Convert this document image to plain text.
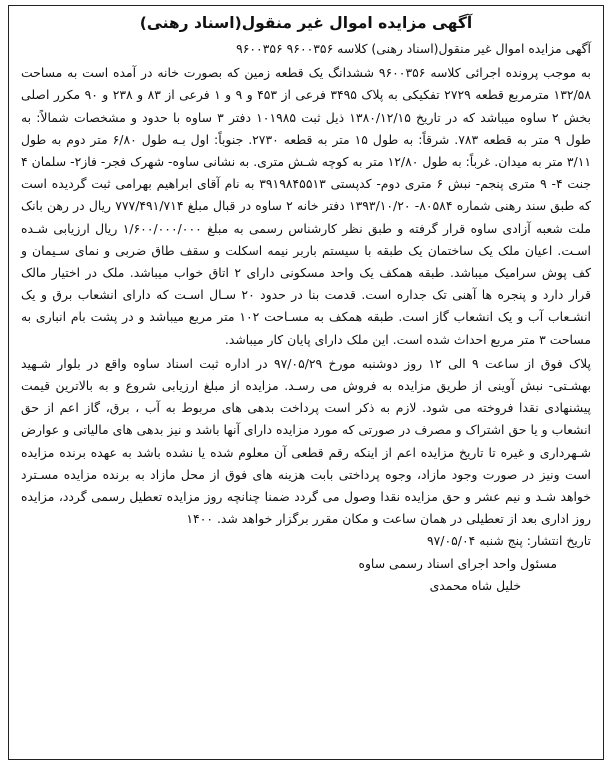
آگهی مزایده اموال غیر منقول(اسناد رهنی)

آگهی مزایده اموال غیر منقول(اسناد رهنی) کلاسه ۹۶۰۰۳۵۶ ۹۶۰۰۳۵۶

به موجب پرونده اجرائی کلاسه ۹۶۰۰۳۵۶ ششدانگ یک قطعه زمین که بصورت خانه در آمده است به مساحت ۱۳۲/۵۸ مترمربع قطعه ۲۷۲۹ تفکیکی به پلاک ۳۴۹۵ فرعی از ۴۵۳ و ۹ و ۱ فرعی از ۸۳ و ۲۳۸ و ۹۰ مکرر اصلی بخش ۲ ساوه میباشد که در تاریخ ۱۳۸۰/۱۲/۱۵ ذیل ثبت ۱۰۱۹۸۵ دفتر ۳ ساوه با حدود و مشخصات شمالاً: به طول ۹ متر به قطعه ۷۸۳. شرقاً: به طول ۱۵ متر به قطعه ۲۷۳۰. جنوباً: اول بـه طول ۶/۸۰ متر دوم به طول ۳/۱۱ متر به میدان. غرباً: به طول ۱۲/۸۰ متر به کوچه شـش متری. به نشانی ساوه- شهرک فجر- فاز۲- سلمان ۴ جنت ۴- ۹ متری پنجم- نبش ۶ متری دوم- کدپستی ۳۹۱۹۸۴۵۵۱۳ به نام آقای ابراهیم بهرامی ثبت گردیده است که طبق سند رهنی شماره ۸۰۵۸۴- ۱۳۹۳/۱۰/۲۰ دفتر خانه ۲ ساوه در قبال مبلغ ۷۷۷/۴۹۱/۷۱۴ ریال در رهن بانک ملت شعبه آزادی ساوه قرار گرفته و طبق نظر کارشناس رسمی به مبلغ ۱/۶۰۰/۰۰۰/۰۰۰ ریال ارزیابی شـده اسـت. اعیان ملک یک ساختمان یک طبقه با سیستم باربر نیمه اسکلت و سقف طاق ضربی و نمای سـیمان و کف پوش سرامیک میباشد. طبقه همکف یک واحد مسکونی دارای ۲ اتاق خواب میباشد. ملک در اختیار مالک قرار دارد و پنجره ها آهنی تک جداره است. قدمت بنا در حدود ۲۰ سـال اسـت که دارای انشعاب برق و یک انشـعاب آب و یک انشعاب گاز است. طبقه همکف به مسـاحت ۱۰۲ متر مربع میباشد و در پشت بام انباری به مساحت ۳ متر مربع احداث شده است. این ملک دارای پایان کار میباشد.

پلاک فوق از ساعت ۹ الی ۱۲ روز دوشنبه مورخ ۹۷/۰۵/۲۹ در اداره ثبت اسناد ساوه واقع در بلوار شـهید بهشـتی- نبش آوینی از طریق مزایده به فروش می رسـد. مزایده از مبلغ ارزیابی شروع و به بالاترین قیمت پیشنهادی نقدا فروخته می شود. لازم به ذکر است پرداخت بدهی های مربوط به آب ، برق، گاز اعم از حق انشعاب و یا حق اشتراک و مصرف در صورتی که مورد مزایده دارای آنها باشد و نیز بدهی های مالیاتی و عوارض شـهرداری و غیره تا تاریخ مزایده اعم از اینکه رقم قطعی آن معلوم شده یا نشده باشد به عهده برنده مزایده است ونیز در صورت وجود مازاد، وجوه پرداختی بابت هزینه های فوق از محل مازاد به برنده مزایده مسـترد خواهد شـد و نیم عشر و حق مزایده نقدا وصول می گردد ضمنا چنانچه روز مزایده تعطیل رسمی گردد، مزایده روز اداری بعد از تعطیلی در همان ساعت و مکان مقرر برگزار خواهد شد. ۱۴۰۰

تاریخ انتشار: پنج شنبه ۹۷/۰۵/۰۴

مسئول واحد اجرای اسناد رسمی ساوه

خلیل شاه محمدی
